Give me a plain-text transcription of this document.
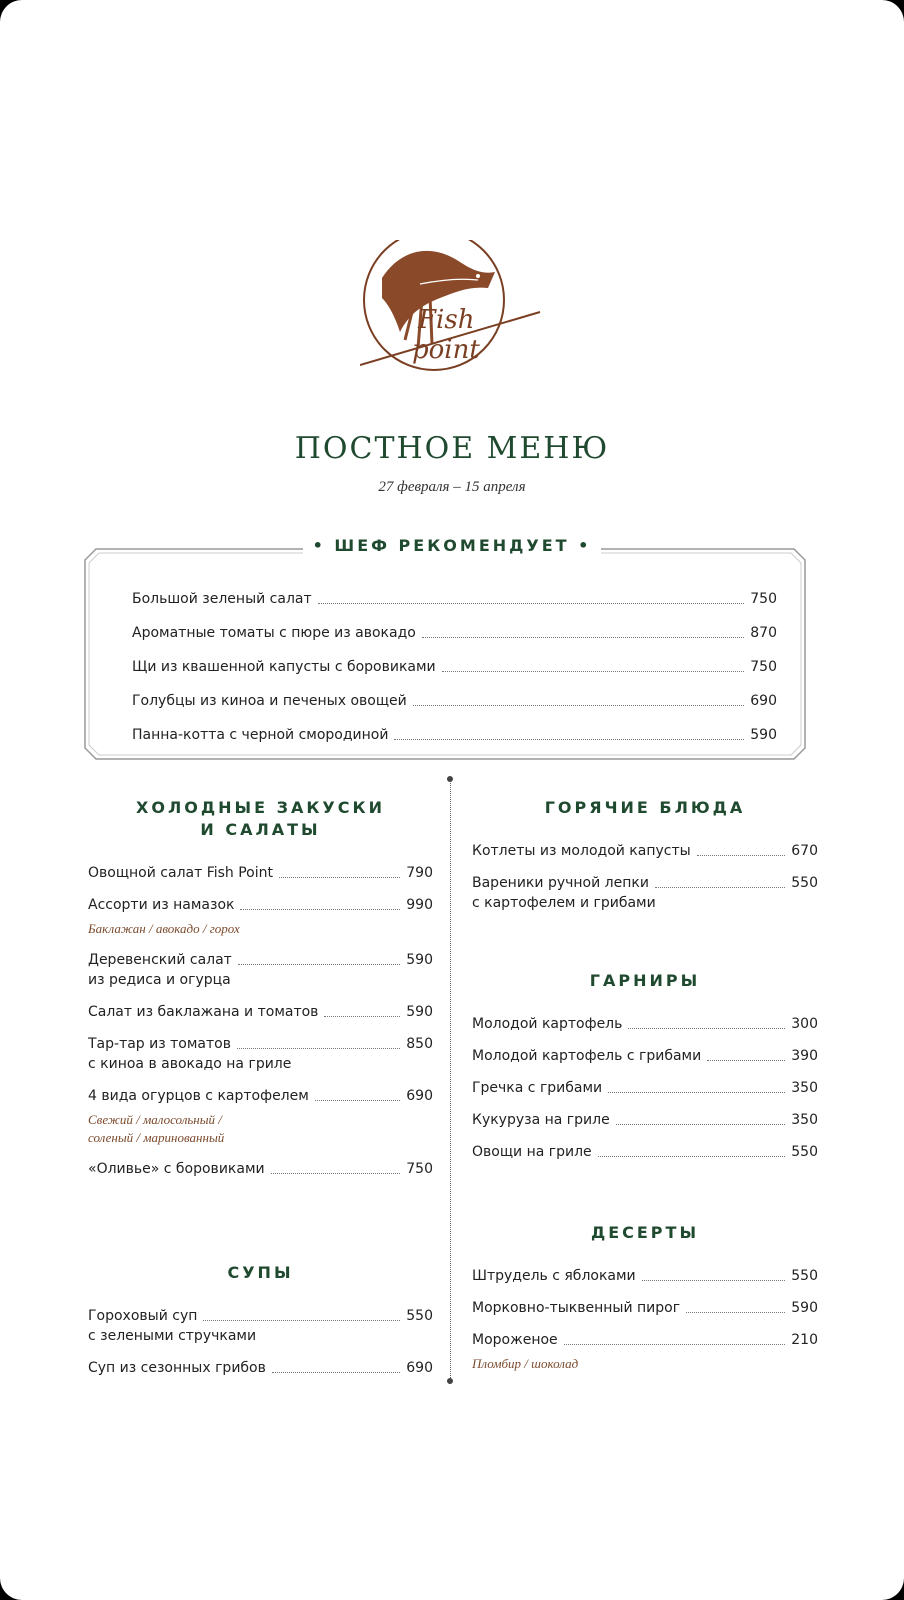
Fish
point
ПОСТНОЕ МЕНЮ
27 февраля – 15 апреля
• ШЕФ РЕКОМЕНДУЕТ •
Большой зеленый салат	750
Ароматные томаты с пюре из авокадо	870
Щи из квашенной капусты с боровиками	750
Голубцы из киноа и печеных овощей	690
Панна-котта с черной смородиной	590
ХОЛОДНЫЕ ЗАКУСКИ
И САЛАТЫ
Овощной салат Fish Point	790
Ассорти из намазок	990
Баклажан / авокадо / горох
Деревенский салат	590
из редиса и огурца
Салат из баклажана и томатов	590
Тар-тар из томатов	850
с киноа в авокадо на гриле
4 вида огурцов с картофелем	690
Свежий / малосольный /
соленый / маринованный
«Оливье» с боровиками	750
СУПЫ
Гороховый суп	550
с зелеными стручками
Суп из сезонных грибов	690
ГОРЯЧИЕ БЛЮДА
Котлеты из молодой капусты	670
Вареники ручной лепки	550
с картофелем и грибами
ГАРНИРЫ
Молодой картофель	300
Молодой картофель с грибами	390
Гречка с грибами	350
Кукуруза на гриле	350
Овощи на гриле	550
ДЕСЕРТЫ
Штрудель с яблоками	550
Морковно-тыквенный пирог	590
Мороженое	210
Пломбир / шоколад
